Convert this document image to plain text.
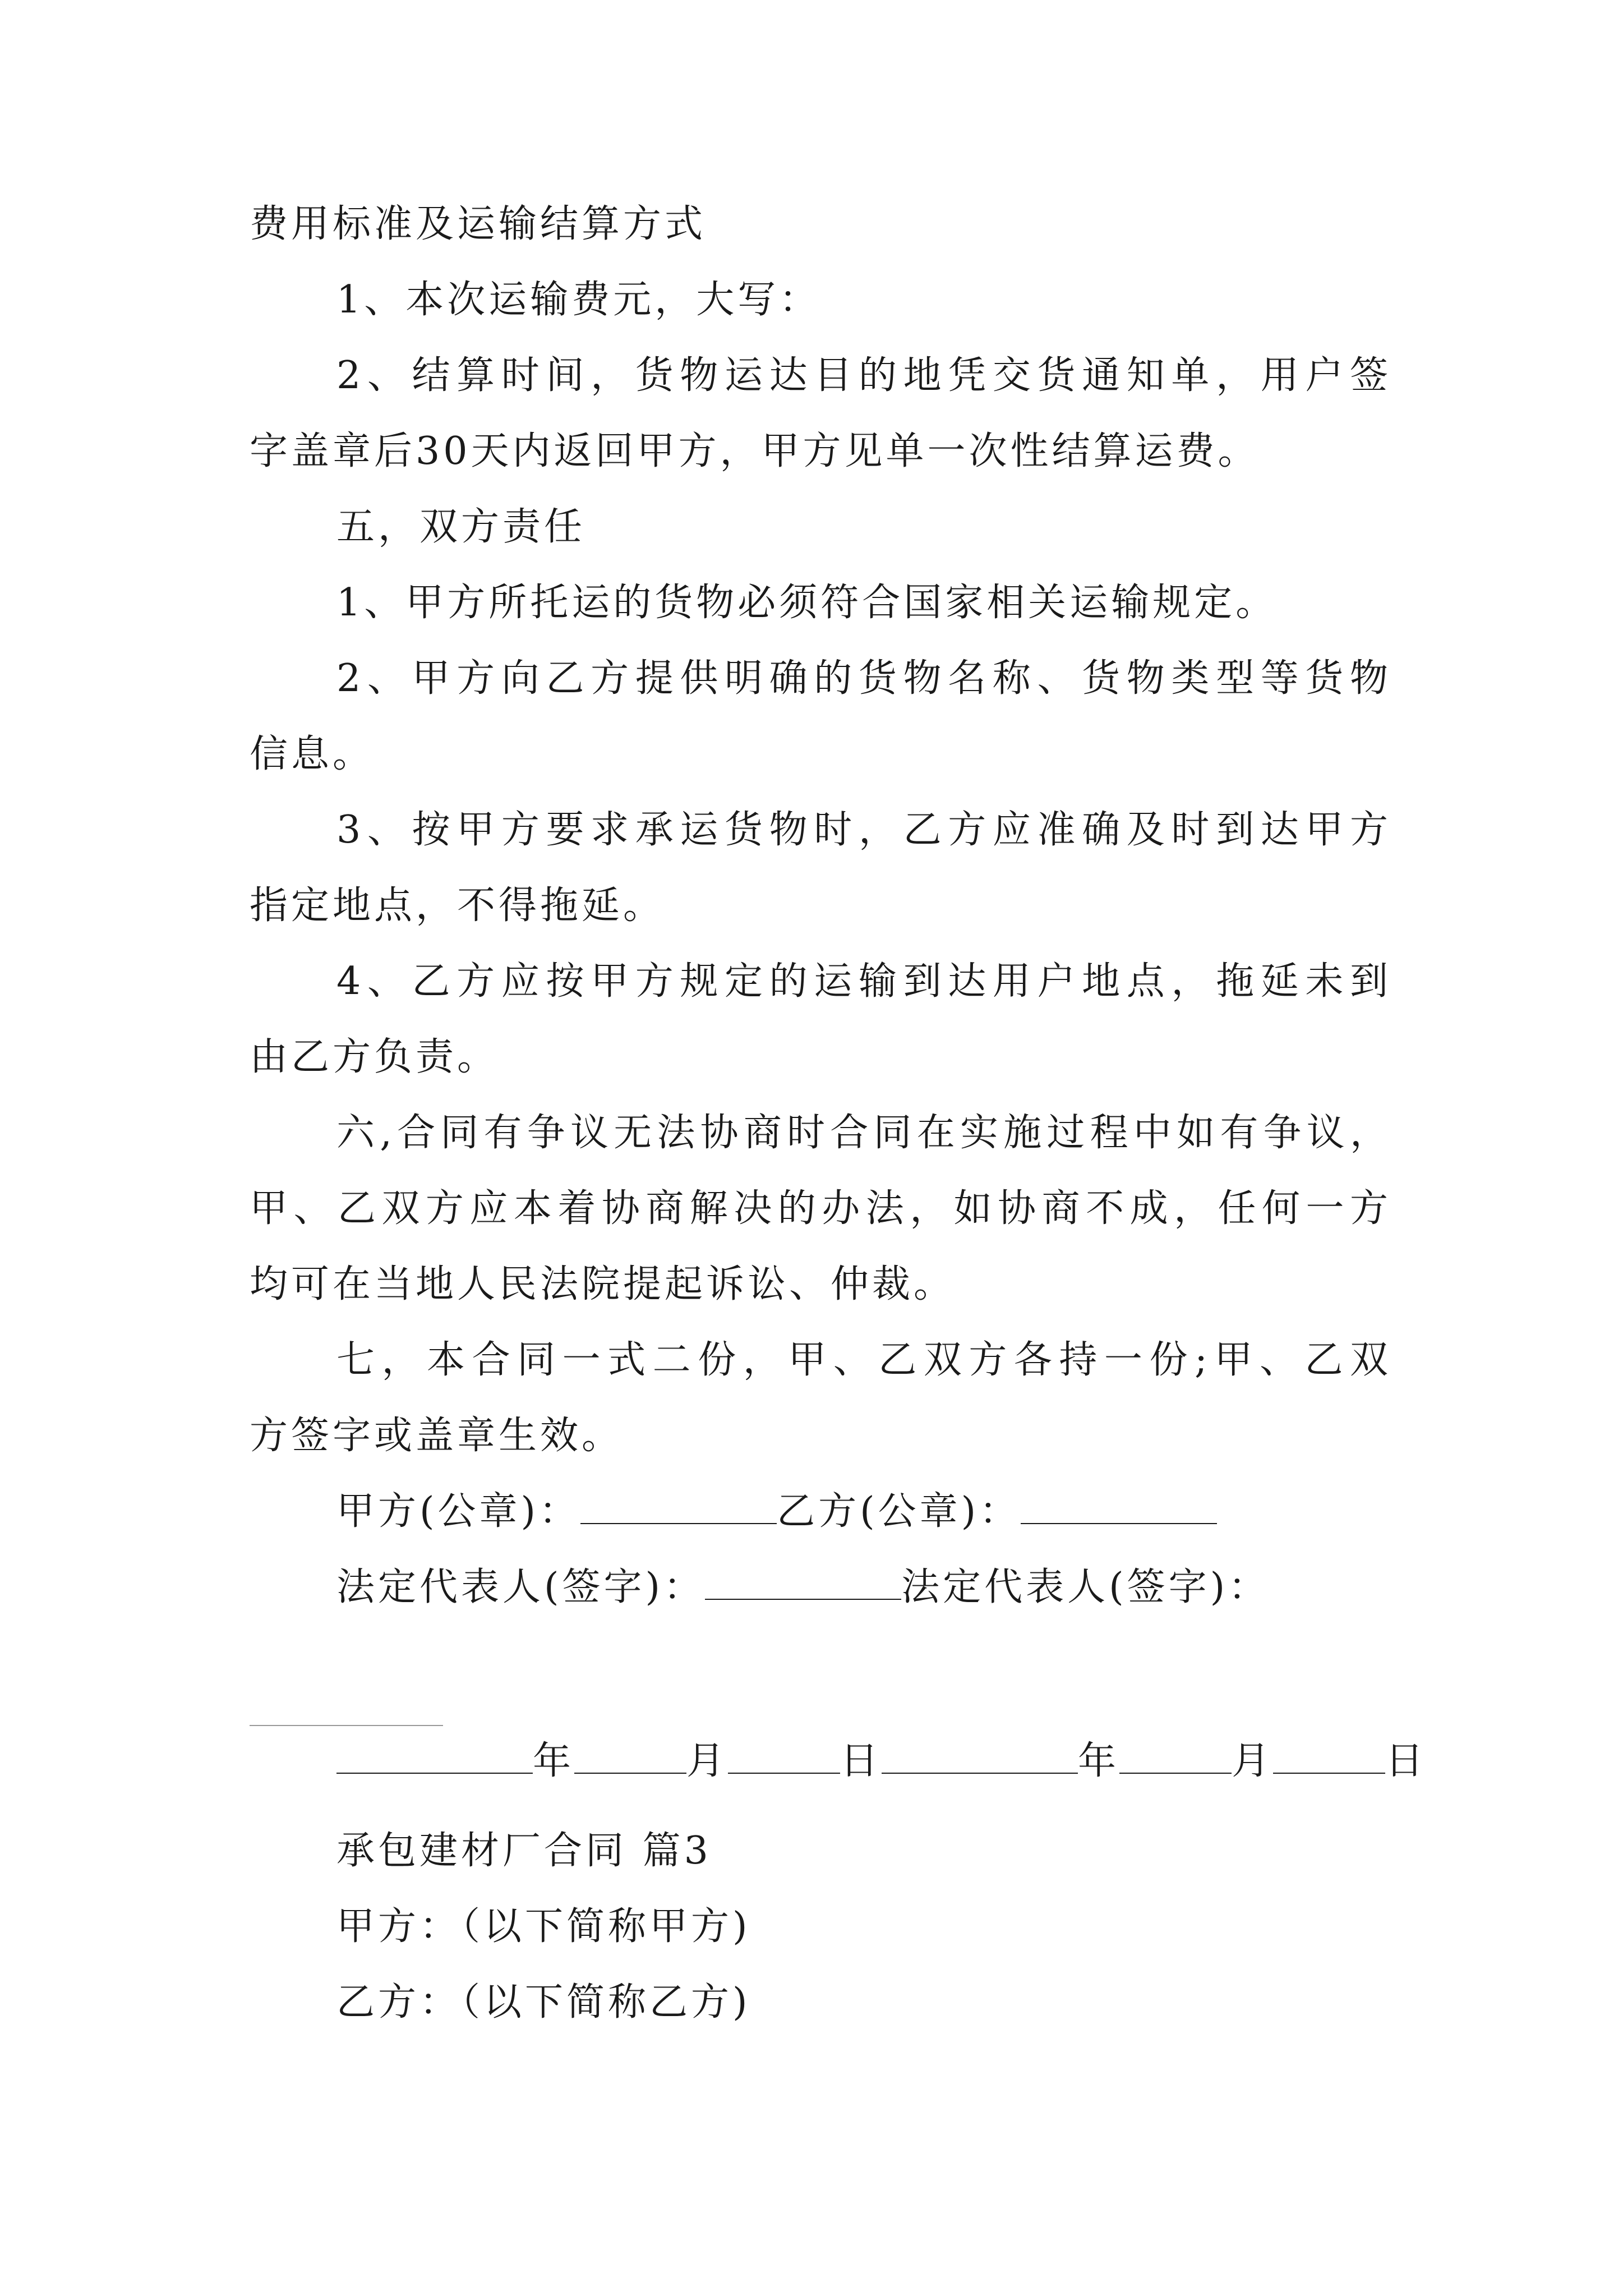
费用标准及运输结算方式
1、本次运输费元，大写：
2、结算时间，货物运达目的地凭交货通知单，用户签
字盖章后30天内返回甲方，甲方见单一次性结算运费。
五，双方责任
1、甲方所托运的货物必须符合国家相关运输规定。
2、甲方向乙方提供明确的货物名称、货物类型等货物
信息。
3、按甲方要求承运货物时，乙方应准确及时到达甲方
指定地点，不得拖延。
4、乙方应按甲方规定的运输到达用户地点，拖延未到
由乙方负责。
六,合同有争议无法协商时合同在实施过程中如有争议，
甲、乙双方应本着协商解决的办法，如协商不成，任何一方
均可在当地人民法院提起诉讼、仲裁。
七，本合同一式二份，甲、乙双方各持一份;甲、乙双
方签字或盖章生效。
甲方(公章)：	乙方(公章)：
法定代表人(签字)：	法定代表人(签字)：
年	月	日	年	月	日
承包建材厂合同 篇3
甲方：（以下简称甲方)
乙方：（以下简称乙方)
